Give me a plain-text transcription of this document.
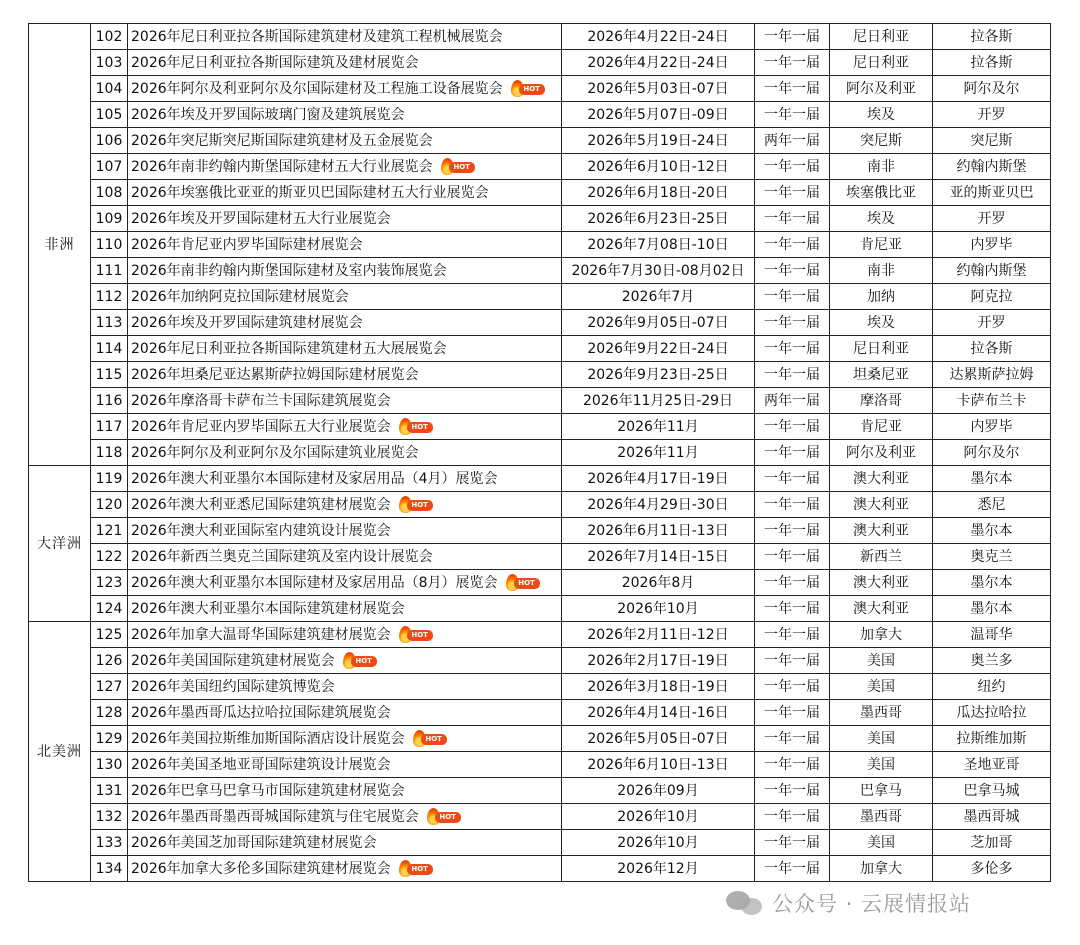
非洲	102	2026年尼日利亚拉各斯国际建筑建材及建筑工程机械展览会	2026年4月22日-24日	一年一届	尼日利亚	拉各斯
	103	2026年尼日利亚拉各斯国际建筑及建材展览会	2026年4月22日-24日	一年一届	尼日利亚	拉各斯
	104	2026年阿尔及利亚阿尔及尔国际建材及工程施工设备展览会 HOT	2026年5月03日-07日	一年一届	阿尔及利亚	阿尔及尔
	105	2026年埃及开罗国际玻璃门窗及建筑展览会	2026年5月07日-09日	一年一届	埃及	开罗
	106	2026年突尼斯突尼斯国际建筑建材及五金展览会	2026年5月19日-24日	两年一届	突尼斯	突尼斯
	107	2026年南非约翰内斯堡国际建材五大行业展览会 HOT	2026年6月10日-12日	一年一届	南非	约翰内斯堡
	108	2026年埃塞俄比亚亚的斯亚贝巴国际建材五大行业展览会	2026年6月18日-20日	一年一届	埃塞俄比亚	亚的斯亚贝巴
	109	2026年埃及开罗国际建材五大行业展览会	2026年6月23日-25日	一年一届	埃及	开罗
	110	2026年肯尼亚内罗毕国际建材展览会	2026年7月08日-10日	一年一届	肯尼亚	内罗毕
	111	2026年南非约翰内斯堡国际建材及室内装饰展览会	2026年7月30日-08月02日	一年一届	南非	约翰内斯堡
	112	2026年加纳阿克拉国际建材展览会	2026年7月	一年一届	加纳	阿克拉
	113	2026年埃及开罗国际建筑建材展览会	2026年9月05日-07日	一年一届	埃及	开罗
	114	2026年尼日利亚拉各斯国际建筑建材五大展展览会	2026年9月22日-24日	一年一届	尼日利亚	拉各斯
	115	2026年坦桑尼亚达累斯萨拉姆国际建材展览会	2026年9月23日-25日	一年一届	坦桑尼亚	达累斯萨拉姆
	116	2026年摩洛哥卡萨布兰卡国际建筑展览会	2026年11月25日-29日	两年一届	摩洛哥	卡萨布兰卡
	117	2026年肯尼亚内罗毕国际五大行业展览会 HOT	2026年11月	一年一届	肯尼亚	内罗毕
	118	2026年阿尔及利亚阿尔及尔国际建筑业展览会	2026年11月	一年一届	阿尔及利亚	阿尔及尔
大洋洲	119	2026年澳大利亚墨尔本国际建材及家居用品（4月）展览会	2026年4月17日-19日	一年一届	澳大利亚	墨尔本
	120	2026年澳大利亚悉尼国际建筑建材展览会 HOT	2026年4月29日-30日	一年一届	澳大利亚	悉尼
	121	2026年澳大利亚国际室内建筑设计展览会	2026年6月11日-13日	一年一届	澳大利亚	墨尔本
	122	2026年新西兰奥克兰国际建筑及室内设计展览会	2026年7月14日-15日	一年一届	新西兰	奥克兰
	123	2026年澳大利亚墨尔本国际建材及家居用品（8月）展览会 HOT	2026年8月	一年一届	澳大利亚	墨尔本
	124	2026年澳大利亚墨尔本国际建筑建材展览会	2026年10月	一年一届	澳大利亚	墨尔本
北美洲	125	2026年加拿大温哥华国际建筑建材展览会 HOT	2026年2月11日-12日	一年一届	加拿大	温哥华
	126	2026年美国国际建筑建材展览会 HOT	2026年2月17日-19日	一年一届	美国	奥兰多
	127	2026年美国纽约国际建筑博览会	2026年3月18日-19日	一年一届	美国	纽约
	128	2026年墨西哥瓜达拉哈拉国际建筑展览会	2026年4月14日-16日	一年一届	墨西哥	瓜达拉哈拉
	129	2026年美国拉斯维加斯国际酒店设计展览会 HOT	2026年5月05日-07日	一年一届	美国	拉斯维加斯
	130	2026年美国圣地亚哥国际建筑设计展览会	2026年6月10日-13日	一年一届	美国	圣地亚哥
	131	2026年巴拿马巴拿马市国际建筑建材展览会	2026年09月	一年一届	巴拿马	巴拿马城
	132	2026年墨西哥墨西哥城国际建筑与住宅展览会 HOT	2026年10月	一年一届	墨西哥	墨西哥城
	133	2026年美国芝加哥国际建筑建材展览会	2026年10月	一年一届	美国	芝加哥
	134	2026年加拿大多伦多国际建筑建材展览会 HOT	2026年12月	一年一届	加拿大	多伦多
公众号 · 云展情报站
